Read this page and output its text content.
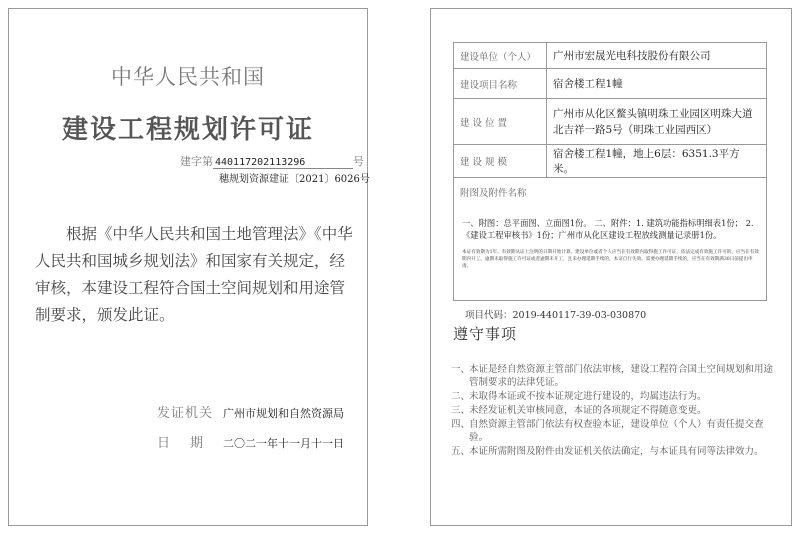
中华人民共和国
建设工程规划许可证
建字第 440117202113296	号
穗规划资源建证〔2021〕6026号
根据《中华人民共和国土地管理法》《中华人民共和国城乡规划法》和国家有关规定，经审核，本建设工程符合国土空间规划和用途管制要求，颁发此证。
发证机关 广州市规划和自然资源局
日期二〇二一年十一月十一日
建设单位（个人）	广州市宏晟光电科技股份有限公司
建设项目名称	宿舍楼工程1幢
建 设 位 置	广州市从化区鳌头镇明珠工业园区明珠大道北吉祥一路5号（明珠工业园西区）
建 设 规 模	宿舍楼工程1幢，地上6层：6351.3平方米。
附图及附件名称
一、附图：总平面图、立面图1份。 二、附件：1. 建筑功能指标明细表1份； 2.《建设工程审核书》1份；广州市从化区建设工程放线测量记录册1份。
本证有效期为1年。有效期从证上注明的日期开始计算。建设单位或者个人应当在有效期内取得施工许可证，依法完成有效施工许可的，应当在有效期内开工。逾期未取得施工许可证或者逾期未开工，且未办理延期手续的，本证自行失效。需要办理延期手续的，应当在有效期满30日前提出申请。
项目代码：2019-440117-39-03-030870
遵守事项
一、本证是经自然资源主管部门依法审核，建设工程符合国土空间规划和用途管制要求的法律凭证。
二、未取得本证或不按本证规定进行建设的，均属违法行为。
三、未经发证机关审核同意，本证的各项规定不得随意变更。
四、自然资源主管部门依法有权查验本证，建设单位（个人）有责任提交查验。
五、本证所需附图及附件由发证机关依法确定，与本证具有同等法律效力。
